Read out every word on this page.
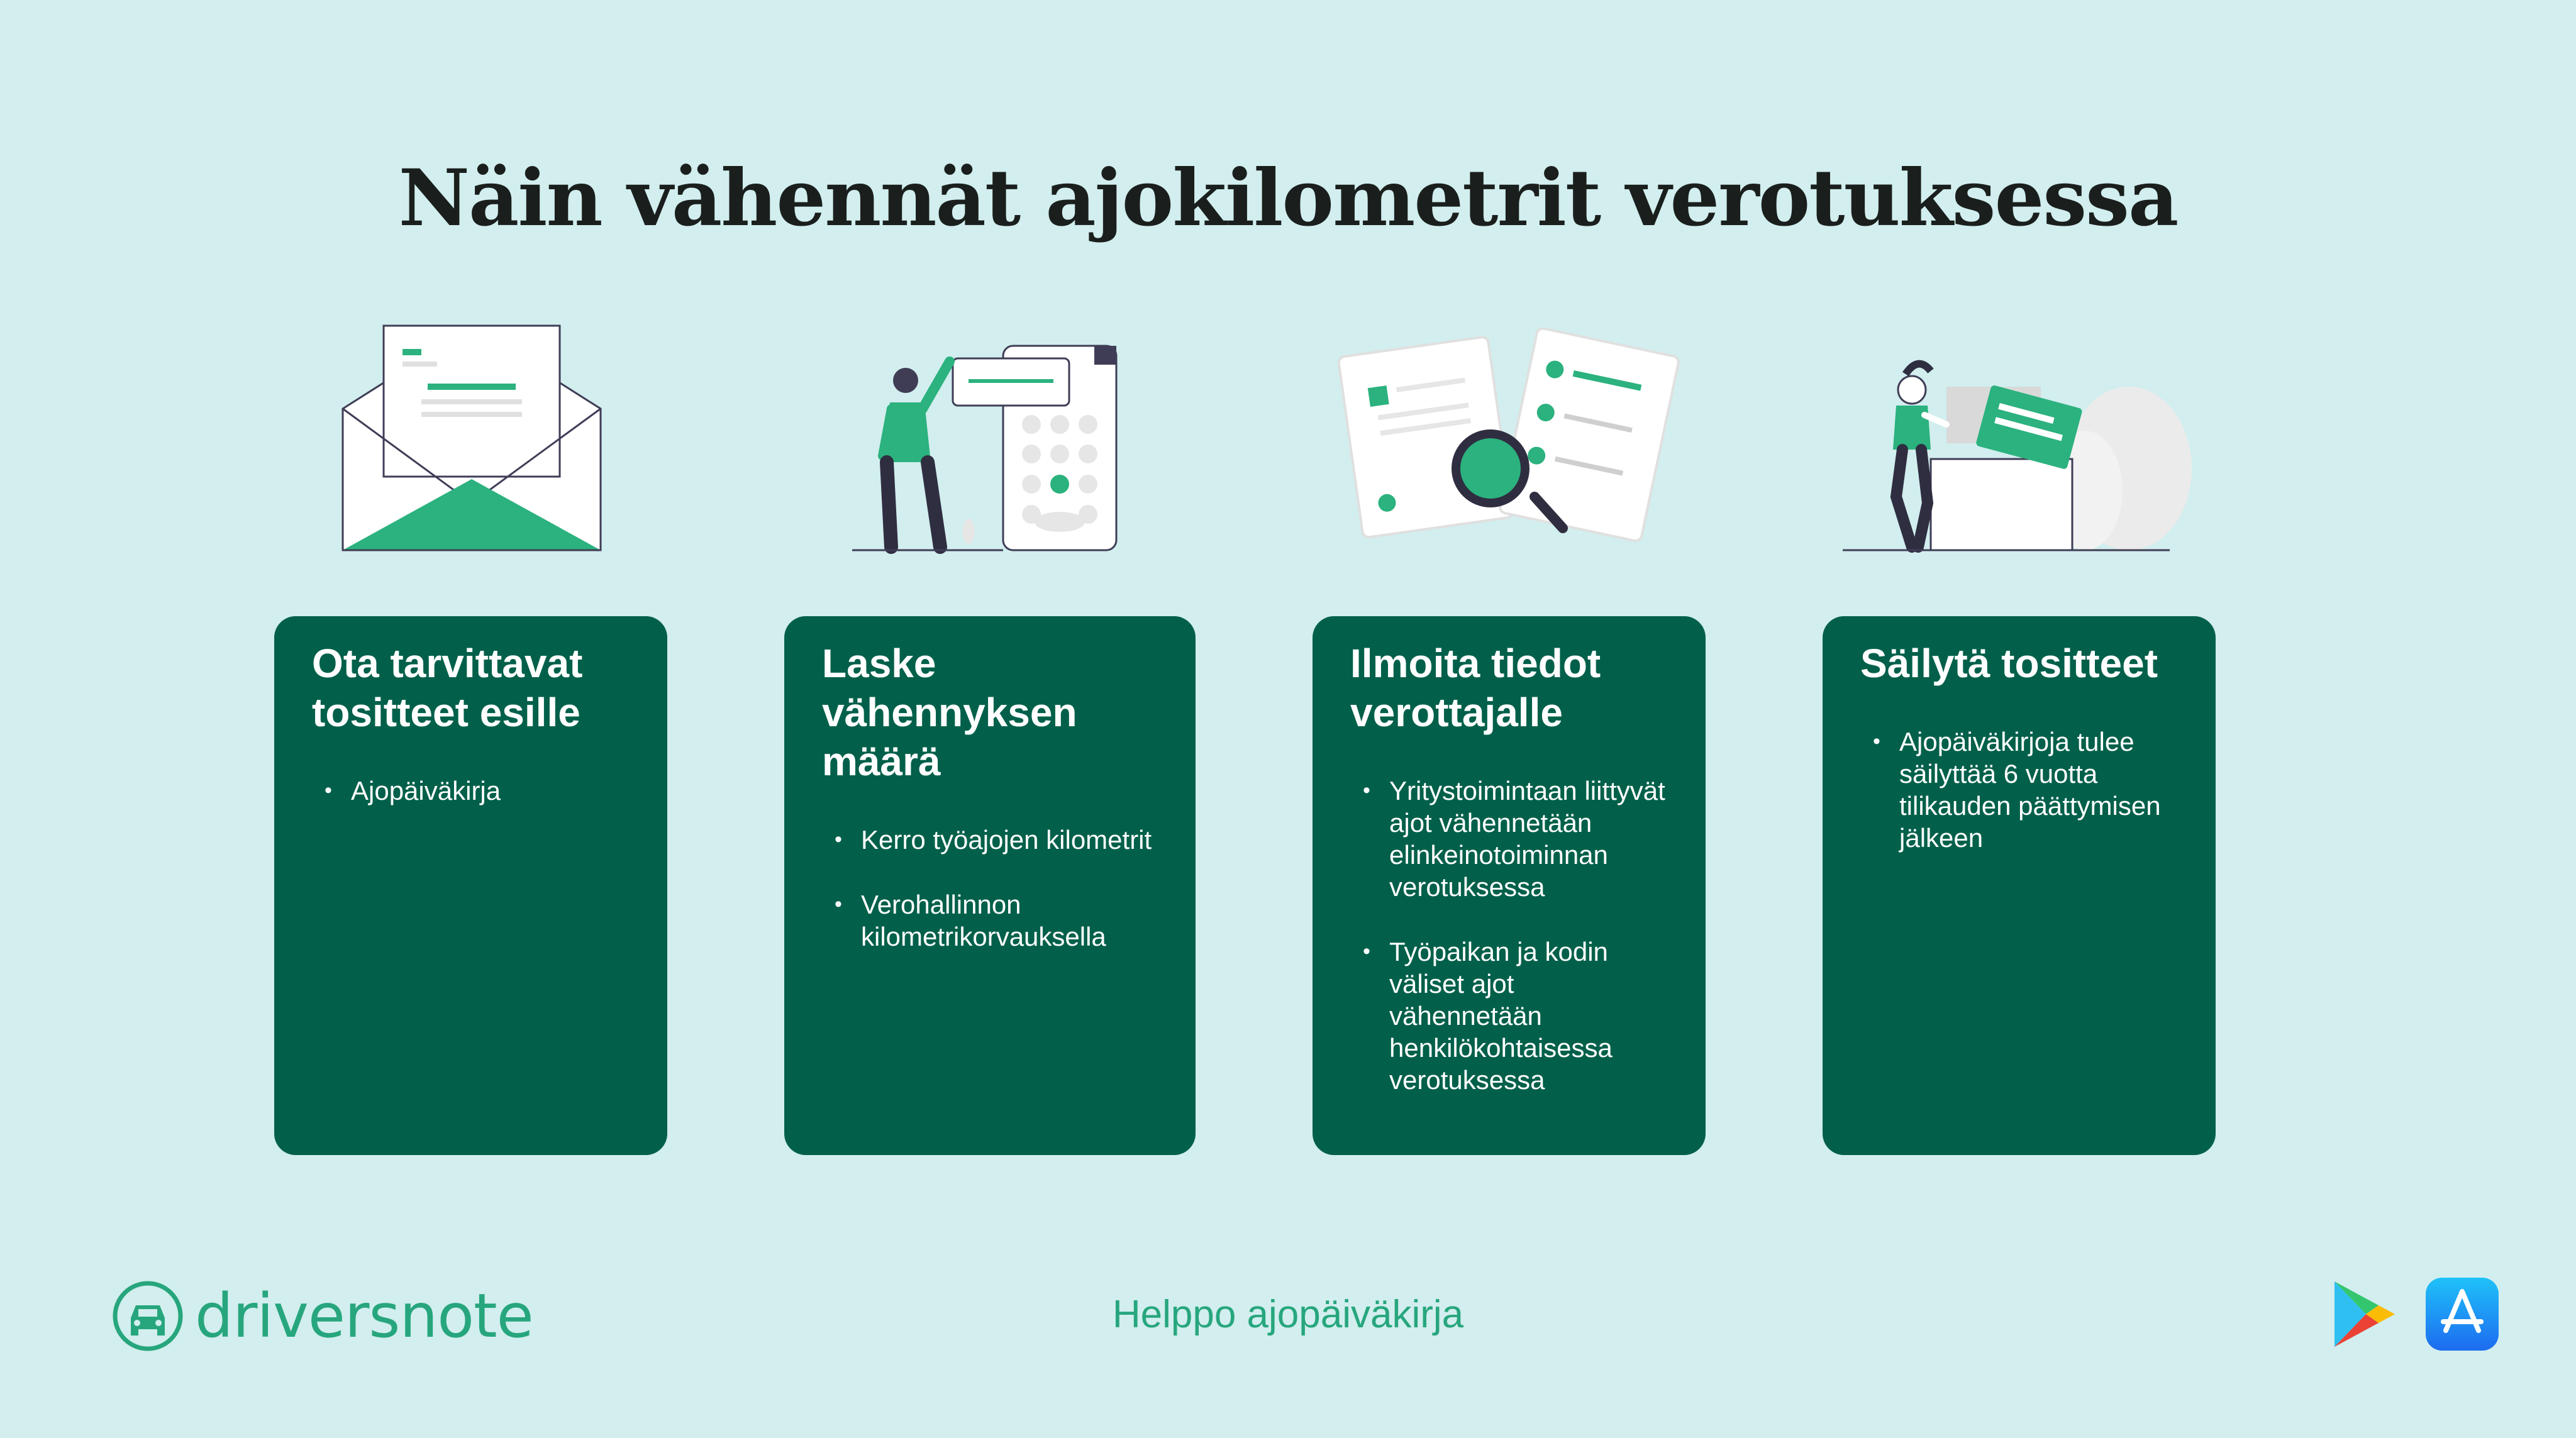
Näin vähennät ajokilometrit verotuksessa
Ota tarvittavat tositteet esille
• Ajopäiväkirja
Laske vähennyksen määrä
• Kerro työajojen kilometrit
• Verohallinnon kilometrikorvauksella
Ilmoita tiedot verottajalle
• Yritystoimintaan liittyvät ajot vähennetään elinkeinotoiminnan verotuksessa
• Työpaikan ja kodin väliset ajot vähennetään henkilökohtaisessa verotuksessa
Säilytä tositteet
• Ajopäiväkirjoja tulee säilyttää 6 vuotta tilikauden päättymisen jälkeen
driversnote	Helppo ajopäiväkirja
